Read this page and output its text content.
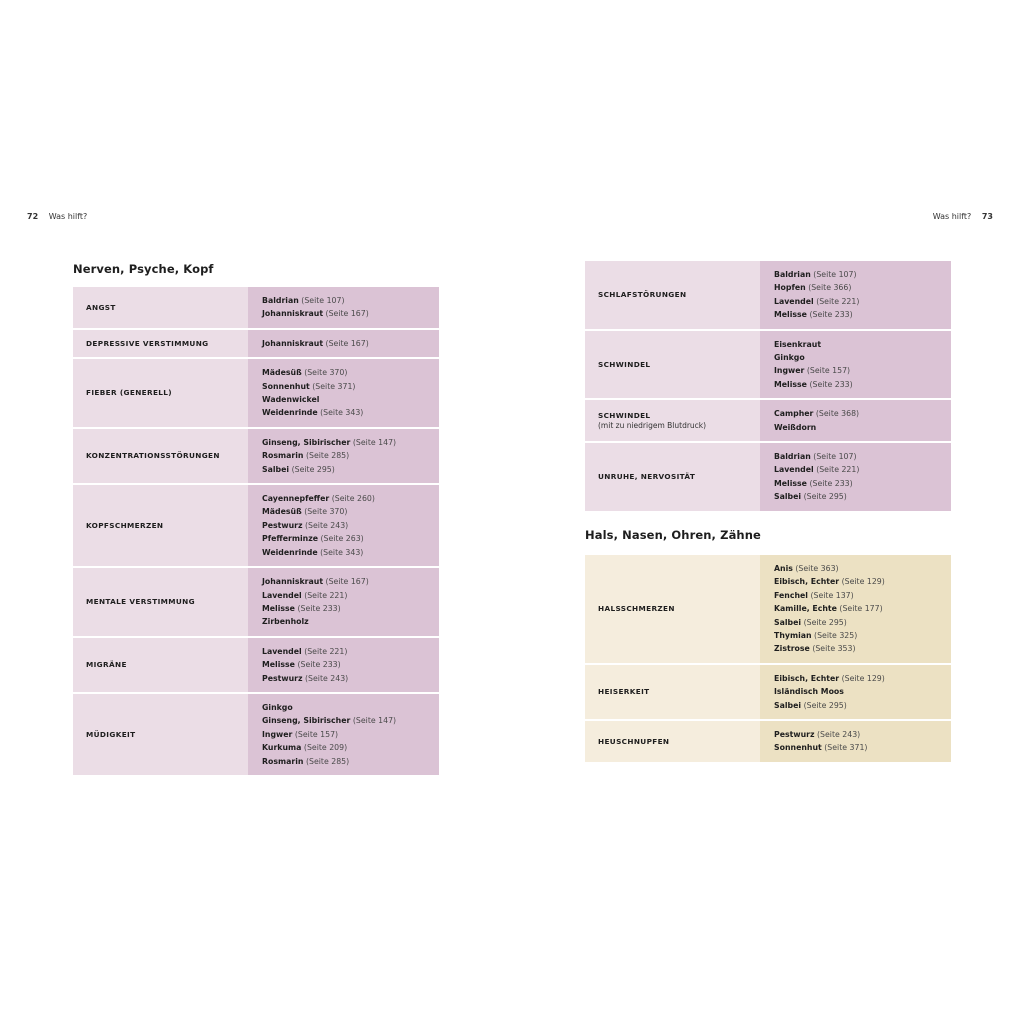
72 Was hilft?	Was hilft? 73
Nerven, Psyche, Kopf
ANGST
Baldrian (Seite 107)
Johanniskraut (Seite 167)
DEPRESSIVE VERSTIMMUNG	Johanniskraut (Seite 167)
FIEBER (GENERELL)
Mädesüß (Seite 370)
Sonnenhut (Seite 371)
Wadenwickel
Weidenrinde (Seite 343)
KONZENTRATIONSSTÖRUNGEN
Ginseng, Sibirischer (Seite 147)
Rosmarin (Seite 285)
Salbei (Seite 295)
KOPFSCHMERZEN
Cayennepfeffer (Seite 260)
Mädesüß (Seite 370)
Pestwurz (Seite 243)
Pfefferminze (Seite 263)
Weidenrinde (Seite 343)
MENTALE VERSTIMMUNG
Johanniskraut (Seite 167)
Lavendel (Seite 221)
Melisse (Seite 233)
Zirbenholz
MIGRÄNE
Lavendel (Seite 221)
Melisse (Seite 233)
Pestwurz (Seite 243)
MÜDIGKEIT
Ginkgo
Ginseng, Sibirischer (Seite 147)
Ingwer (Seite 157)
Kurkuma (Seite 209)
Rosmarin (Seite 285)
SCHLAFSTÖRUNGEN
Baldrian (Seite 107)
Hopfen (Seite 366)
Lavendel (Seite 221)
Melisse (Seite 233)
SCHWINDEL
Eisenkraut
Ginkgo
Ingwer (Seite 157)
Melisse (Seite 233)
SCHWINDEL
(mit zu niedrigem Blutdruck)
Campher (Seite 368)
Weißdorn
UNRUHE, NERVOSITÄT
Baldrian (Seite 107)
Lavendel (Seite 221)
Melisse (Seite 233)
Salbei (Seite 295)
Hals, Nasen, Ohren, Zähne
HALSSCHMERZEN
Anis (Seite 363)
Eibisch, Echter (Seite 129)
Fenchel (Seite 137)
Kamille, Echte (Seite 177)
Salbei (Seite 295)
Thymian (Seite 325)
Zistrose (Seite 353)
HEISERKEIT
Eibisch, Echter (Seite 129)
Isländisch Moos
Salbei (Seite 295)
HEUSCHNUPFEN
Pestwurz (Seite 243)
Sonnenhut (Seite 371)
